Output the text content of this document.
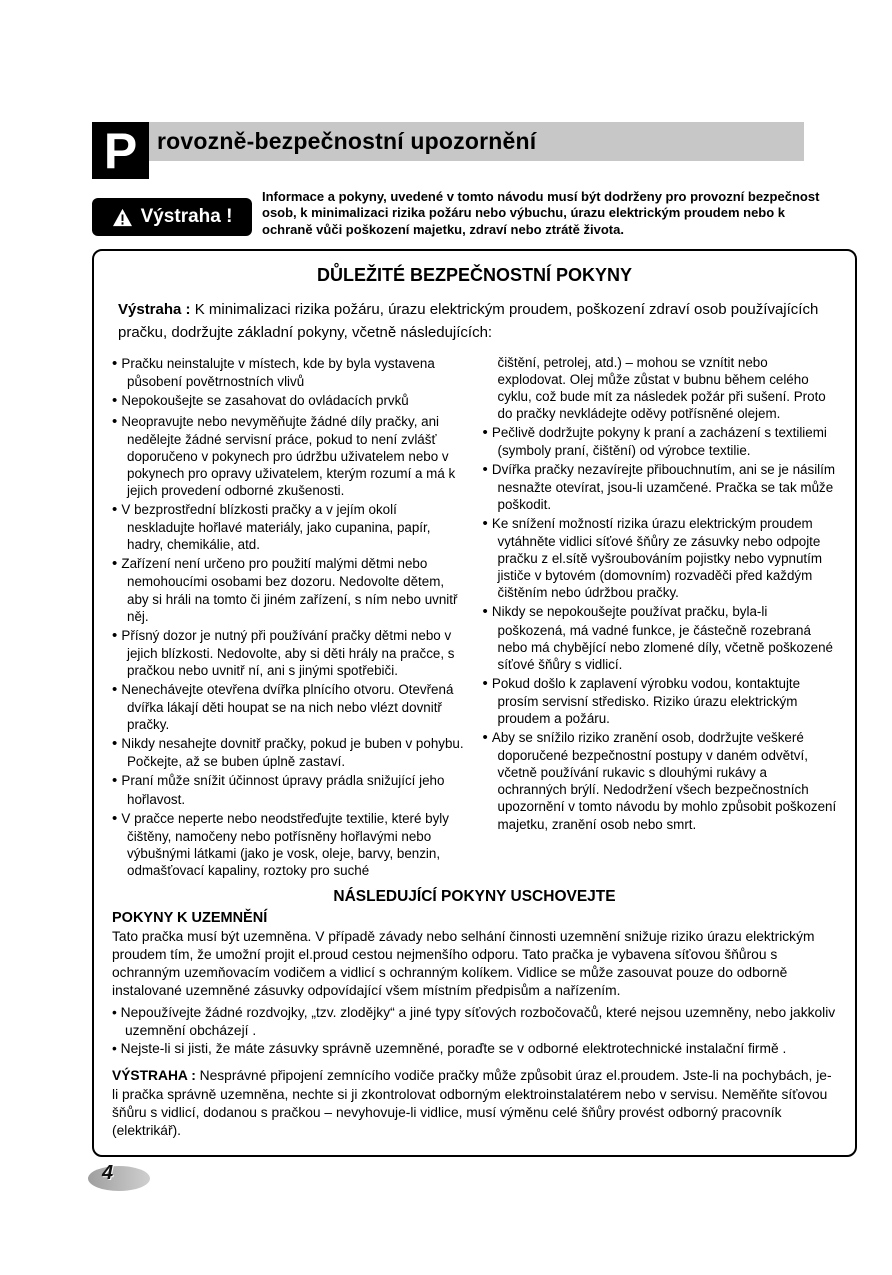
P rovozně-bezpečnostní upozornění
Výstraha !
Informace a pokyny, uvedené v tomto návodu musí být dodrženy pro provozní bezpečnost osob, k minimalizaci rizika požáru nebo výbuchu, úrazu elektrickým proudem nebo k ochraně vůči poškození majetku, zdraví nebo ztrátě života.
DŮLEŽITÉ BEZPEČNOSTNÍ POKYNY

Výstraha : K minimalizaci rizika požáru, úrazu elektrickým proudem, poškození zdraví osob používajících pračku, dodržujte základní pokyny, včetně následujících:

• Pračku neinstalujte v místech, kde by byla vystavena působení povětrnostních vlivů
• Nepokoušejte se zasahovat do ovládacích prvků
• Neopravujte nebo nevyměňujte žádné díly pračky, ani nedělejte žádné servisní práce, pokud to není zvlášť doporučeno v pokynech pro údržbu uživatelem nebo v pokynech pro opravy uživatelem, kterým rozumí a má k jejich provedení odborné zkušenosti.
• V bezprostřední blízkosti pračky a v jejím okolí neskladujte hořlavé materiály, jako cupanina, papír, hadry, chemikálie, atd.
• Zařízení není určeno pro použití malými dětmi nebo nemohoucími osobami bez dozoru. Nedovolte dětem, aby si hráli na tomto či jiném zařízení, s ním nebo uvnitř něj.
• Přísný dozor je nutný při používání pračky dětmi nebo v jejich blízkosti. Nedovolte, aby si děti hrály na pračce, s pračkou nebo uvnitř ní, ani s jinými spotřebiči.
• Nenechávejte otevřena dvířka plnícího otvoru. Otevřená dvířka lákají děti houpat se na nich nebo vlézt dovnitř pračky.
• Nikdy nesahejte dovnitř pračky, pokud je buben v pohybu. Počkejte, až se buben úplně zastaví.
• Praní může snížit účinnost úpravy prádla snižující jeho hořlavost.
• V pračce neperte nebo neodstřeďujte textilie, které byly čištěny, namočeny nebo potřísněny hořlavými nebo výbušnými látkami (jako je vosk, oleje, barvy, benzin, odmašťovací kapaliny, roztoky pro suché

čištění, petrolej, atd.) – mohou se vznítit nebo explodovat. Olej může zůstat v bubnu během celého cyklu, což bude mít za následek požár při sušení. Proto do pračky nevkládejte oděvy potřísněné olejem.

• Pečlivě dodržujte pokyny k praní a zacházení s textiliemi (symboly praní, čištění) od výrobce textilie.
• Dvířka pračky nezavírejte přibouchnutím, ani se je násilím nesnažte otevírat, jsou-li uzamčené. Pračka se tak může poškodit.
• Ke snížení možností rizika úrazu elektrickým proudem vytáhněte vidlici síťové šňůry ze zásuvky nebo odpojte pračku z el.sítě vyšroubováním pojistky nebo vypnutím jističe v bytovém (domovním) rozvaděči před každým čištěním nebo údržbou pračky.
• Nikdy se nepokoušejte používat pračku, byla-li poškozená, má vadné funkce, je částečně rozebraná nebo má chybějící nebo zlomené díly, včetně poškozené síťové šňůry s vidlicí.
• Pokud došlo k zaplavení výrobku vodou, kontaktujte prosím servisní středisko. Riziko úrazu elektrickým proudem a požáru.
• Aby se snížilo riziko zranění osob, dodržujte veškeré doporučené bezpečnostní postupy v daném odvětví, včetně používání rukavic s dlouhými rukávy a ochranných brýlí. Nedodržení všech bezpečnostních upozornění v tomto návodu by mohlo způsobit poškození majetku, zranění osob nebo smrt.
NÁSLEDUJÍCÍ POKYNY USCHOVEJTE
POKYNY K UZEMNĚNÍ

Tato pračka musí být uzemněna. V případě závady nebo selhání činnosti uzemnění snižuje riziko úrazu elektrickým proudem tím, že umožní projit el.proud cestou nejmenšího odporu. Tato pračka je vybavena síťovou šňůrou s ochranným uzemňovacím vodičem a vidlicí s ochranným kolíkem. Vidlice se může zasouvat pouze do odborně instalované uzemněné zásuvky odpovídající všem místním předpisům a nařízením.

• Nepoužívejte žádné rozdvojky, „tzv. zlodějky“ a jiné typy síťových rozbočovačů, které nejsou uzemněny, nebo jakkoliv uzemnění obcházejí .
• Nejste-li si jisti, že máte zásuvky správně uzemněné, poraďte se v odborné elektrotechnické instalační firmě .

VÝSTRAHA : Nesprávné připojení zemnícího vodiče pračky může způsobit úraz el.proudem. Jste-li na pochybách, je-li pračka správně uzemněna, nechte si ji zkontrolovat odborným elektroinstalatérem nebo v servisu. Neměňte síťovou šňůru s vidlicí, dodanou s pračkou – nevyhovuje-li vidlice, musí výměnu celé šňůry provést odborný pracovník (elektrikář).

4
